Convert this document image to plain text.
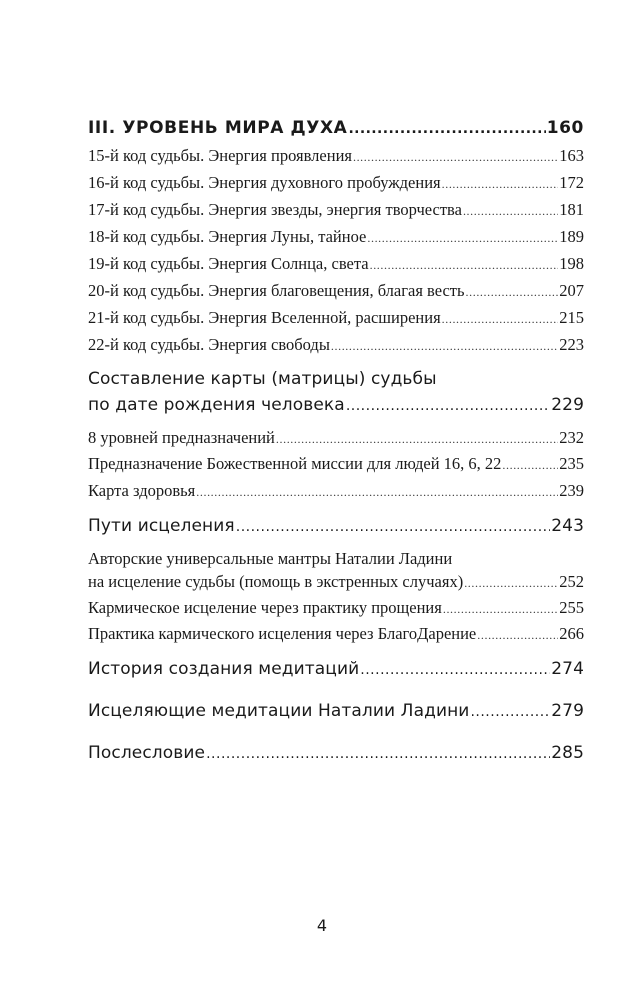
III. УРОВЕНЬ МИРА ДУХА .....	160
15-й код судьбы. Энергия проявления .....	163
16-й код судьбы. Энергия духовного пробуждения .....	172
17-й код судьбы. Энергия звезды, энергия творчества .....	181
18-й код судьбы. Энергия Луны, тайное .....	189
19-й код судьбы. Энергия Солнца, света .....	198
20-й код судьбы. Энергия благовещения, благая весть .....	207
21-й код судьбы. Энергия Вселенной, расширения .....	215
22-й код судьбы. Энергия свободы .....	223
Составление карты (матрицы) судьбы
по дате рождения человека .....	229
8 уровней предназначений .....	232
Предназначение Божественной миссии для людей 16, 6, 22 .....	235
Карта здоровья .....	239
Пути исцеления .....	243
Авторские универсальные мантры Наталии Ладини
на исцеление судьбы (помощь в экстренных случаях) .....	252
Кармическое исцеление через практику прощения .....	255
Практика кармического исцеления через БлагоДарение .....	266
История создания медитаций .....	274
Исцеляющие медитации Наталии Ладини .....	279
Послесловие .....	285
4
